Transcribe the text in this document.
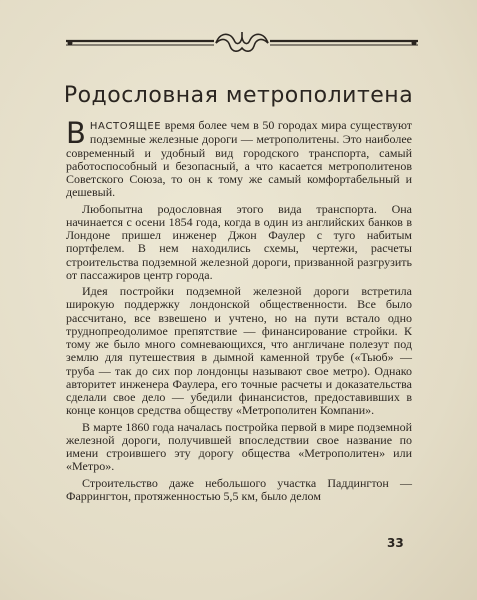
Родословная метрополитена

ВНАСТОЯЩЕЕ время более чем в 50 городах мира существуют подземные железные дороги — метрополитены. Это наиболее современный и удобный вид городского транспорта, самый работоспособный и безопасный, а что касается метрополитенов Советского Союза, то он к тому же самый комфортабельный и дешевый.

Любопытна родословная этого вида транспорта. Она начинается с осени 1854 года, когда в один из английских банков в Лондоне пришел инженер Джон Фаулер с туго набитым портфелем. В нем находились схемы, чертежи, расчеты строительства подземной железной дороги, призванной разгрузить от пассажиров центр города.

Идея постройки подземной железной дороги встретила широкую поддержку лондонской общественности. Все было рассчитано, все взвешено и учтено, но на пути встало одно труднопреодолимое препятствие — финансирование стройки. К тому же было много сомневающихся, что англичане полезут под землю для путешествия в дымной каменной трубе («Тьюб» — труба — так до сих пор лондонцы называют свое метро). Однако авторитет инженера Фаулера, его точные расчеты и доказательства сделали свое дело — убедили финансистов, предоставивших в конце концов средства обществу «Метрополитен Компани».

В марте 1860 года началась постройка первой в мире подземной железной дороги, получившей впоследствии свое название по имени строившего эту дорогу общества «Метрополитен» или «Метро».

Строительство даже небольшого участка Паддингтон — Фаррингтон, протяженностью 5,5 км, было делом

33
